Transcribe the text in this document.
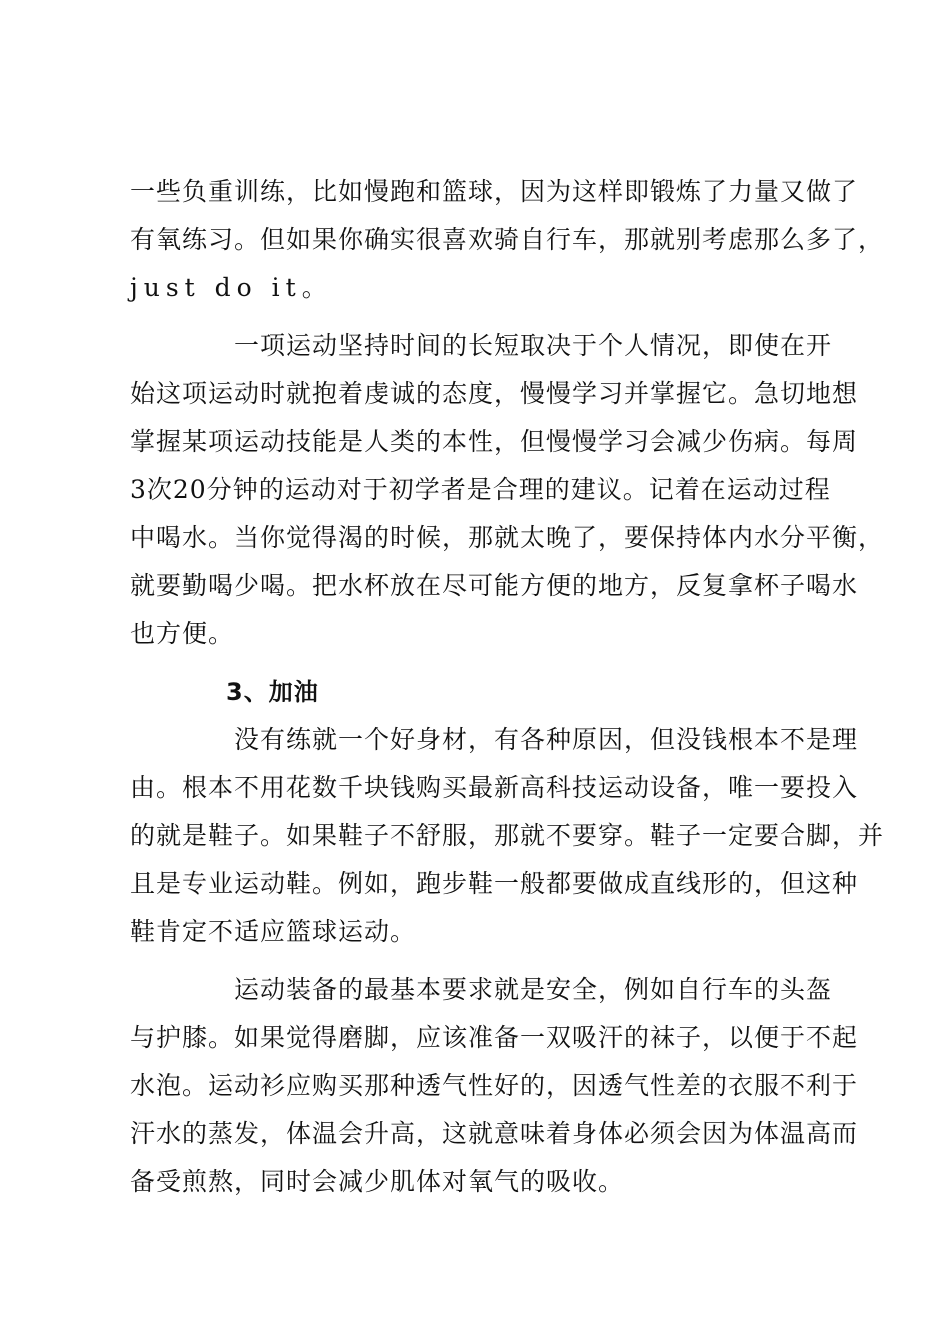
一些负重训练，比如慢跑和篮球，因为这样即锻炼了力量又做了
有氧练习。但如果你确实很喜欢骑自行车，那就别考虑那么多了，
just do it。
一项运动坚持时间的长短取决于个人情况，即使在开
始这项运动时就抱着虔诚的态度，慢慢学习并掌握它。急切地想
掌握某项运动技能是人类的本性，但慢慢学习会减少伤病。每周
3次20分钟的运动对于初学者是合理的建议。记着在运动过程
中喝水。当你觉得渴的时候，那就太晚了，要保持体内水分平衡，
就要勤喝少喝。把水杯放在尽可能方便的地方，反复拿杯子喝水
也方便。
3、加油
没有练就一个好身材，有各种原因，但没钱根本不是理
由。根本不用花数千块钱购买最新高科技运动设备，唯一要投入
的就是鞋子。如果鞋子不舒服，那就不要穿。鞋子一定要合脚，并
且是专业运动鞋。例如，跑步鞋一般都要做成直线形的，但这种
鞋肯定不适应篮球运动。
运动装备的最基本要求就是安全，例如自行车的头盔
与护膝。如果觉得磨脚，应该准备一双吸汗的袜子，以便于不起
水泡。运动衫应购买那种透气性好的，因透气性差的衣服不利于
汗水的蒸发，体温会升高，这就意味着身体必须会因为体温高而
备受煎熬，同时会减少肌体对氧气的吸收。
